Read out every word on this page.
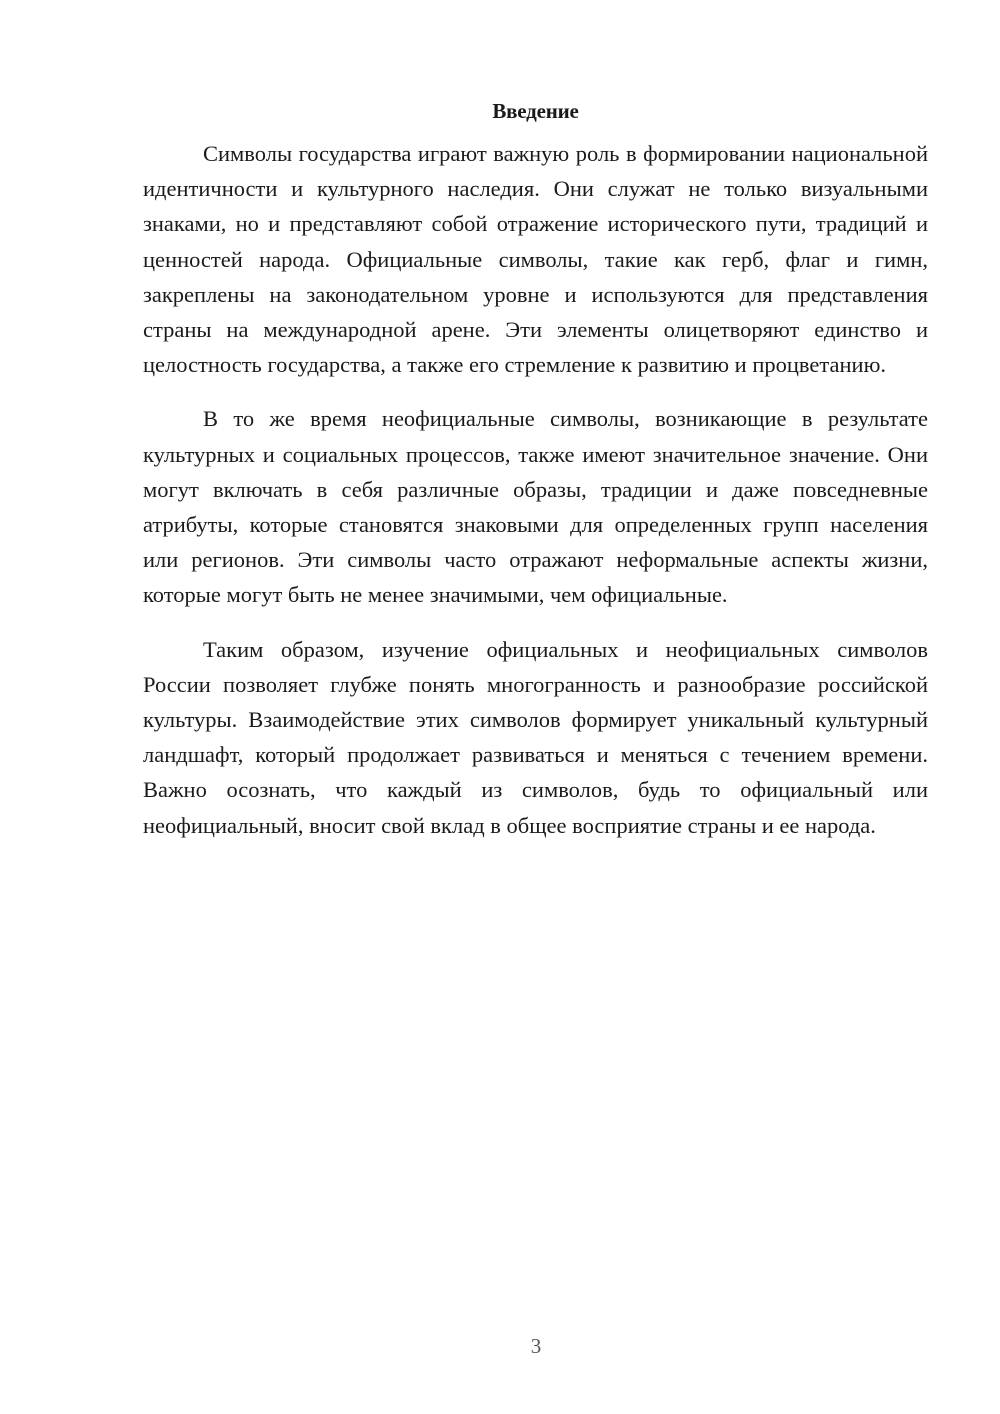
Введение

Символы государства играют важную роль в формировании национальной идентичности и культурного наследия. Они служат не только визуальными знаками, но и представляют собой отражение исторического пути, традиций и ценностей народа. Официальные символы, такие как герб, флаг и гимн, закреплены на законодательном уровне и используются для представления страны на международной арене. Эти элементы олицетворяют единство и целостность государства, а также его стремление к развитию и процветанию.

В то же время неофициальные символы, возникающие в результате культурных и социальных процессов, также имеют значительное значение. Они могут включать в себя различные образы, традиции и даже повседневные атрибуты, которые становятся знаковыми для определенных групп населения или регионов. Эти символы часто отражают неформальные аспекты жизни, которые могут быть не менее значимыми, чем официальные.

Таким образом, изучение официальных и неофициальных символов России позволяет глубже понять многогранность и разнообразие российской культуры. Взаимодействие этих символов формирует уникальный культурный ландшафт, который продолжает развиваться и меняться с течением времени. Важно осознать, что каждый из символов, будь то официальный или неофициальный, вносит свой вклад в общее восприятие страны и ее народа.

3
